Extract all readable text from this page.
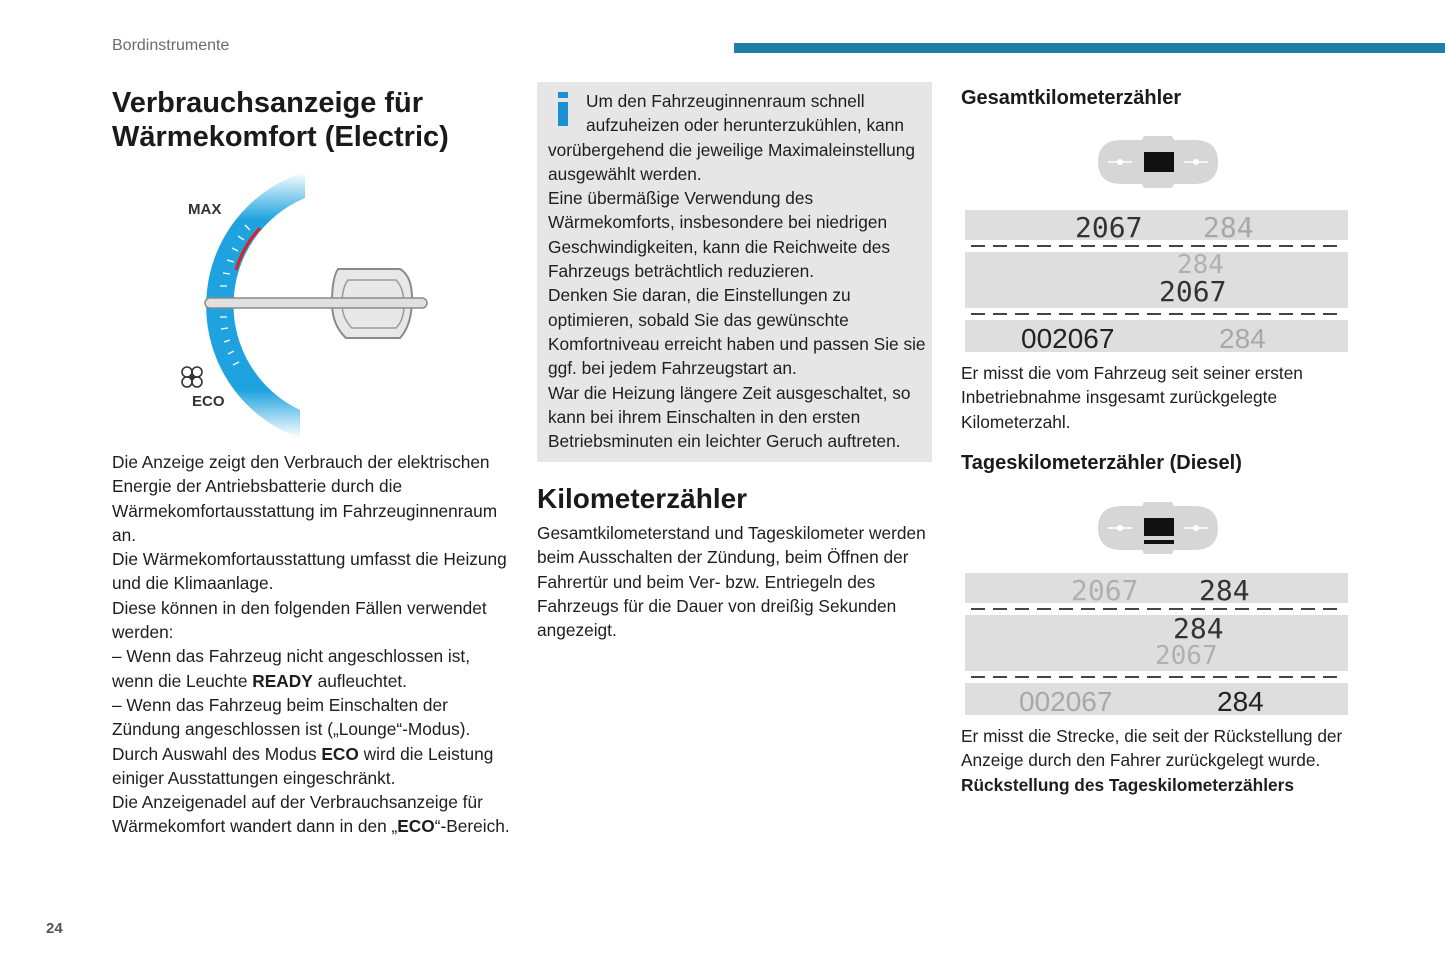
Bordinstrumente
24
Verbrauchsanzeige für
Wärmekomfort (Electric)
MAX
ECO

Die Anzeige zeigt den Verbrauch der elektrischen Energie der Antriebsbatterie durch die Wärmekomfortausstattung im Fahrzeuginnenraum an.

Die Wärmekomfortausstattung umfasst die Heizung und die Klimaanlage.

Diese können in den folgenden Fällen verwendet werden:

– Wenn das Fahrzeug nicht angeschlossen ist, wenn die Leuchte READY aufleuchtet.

– Wenn das Fahrzeug beim Einschalten der Zündung angeschlossen ist („Lounge“-Modus).

Durch Auswahl des Modus ECO wird die Leistung einiger Ausstattungen eingeschränkt.

Die Anzeigenadel auf der Verbrauchsanzeige für Wärmekomfort wandert dann in den „ECO“-Bereich.

Um den Fahrzeuginnenraum schnell

aufzuheizen oder herunterzukühlen, kann

vorübergehend die jeweilige Maximaleinstellung ausgewählt werden.

Eine übermäßige Verwendung des Wärmekomforts, insbesondere bei niedrigen Geschwindigkeiten, kann die Reichweite des Fahrzeugs beträchtlich reduzieren.

Denken Sie daran, die Einstellungen zu optimieren, sobald Sie das gewünschte Komfortniveau erreicht haben und passen Sie sie ggf. bei jedem Fahrzeugstart an.

War die Heizung längere Zeit ausgeschaltet, so kann bei ihrem Einschalten in den ersten Betriebsminuten ein leichter Geruch auftreten.

Kilometerzähler

Gesamtkilometerstand und Tageskilometer werden beim Ausschalten der Zündung, beim Öffnen der Fahrertür und beim Ver- bzw. Entriegeln des Fahrzeugs für die Dauer von dreißig Sekunden angezeigt.

Gesamtkilometerzähler
2067 284
284
2067
002067	284

Er misst die vom Fahrzeug seit seiner ersten Inbetriebnahme insgesamt zurückgelegte Kilometerzahl.

Tageskilometerzähler (Diesel)
2067 284
284
2067
002067	284

Er misst die Strecke, die seit der Rückstellung der Anzeige durch den Fahrer zurückgelegt wurde.

Rückstellung des Tageskilometerzählers
